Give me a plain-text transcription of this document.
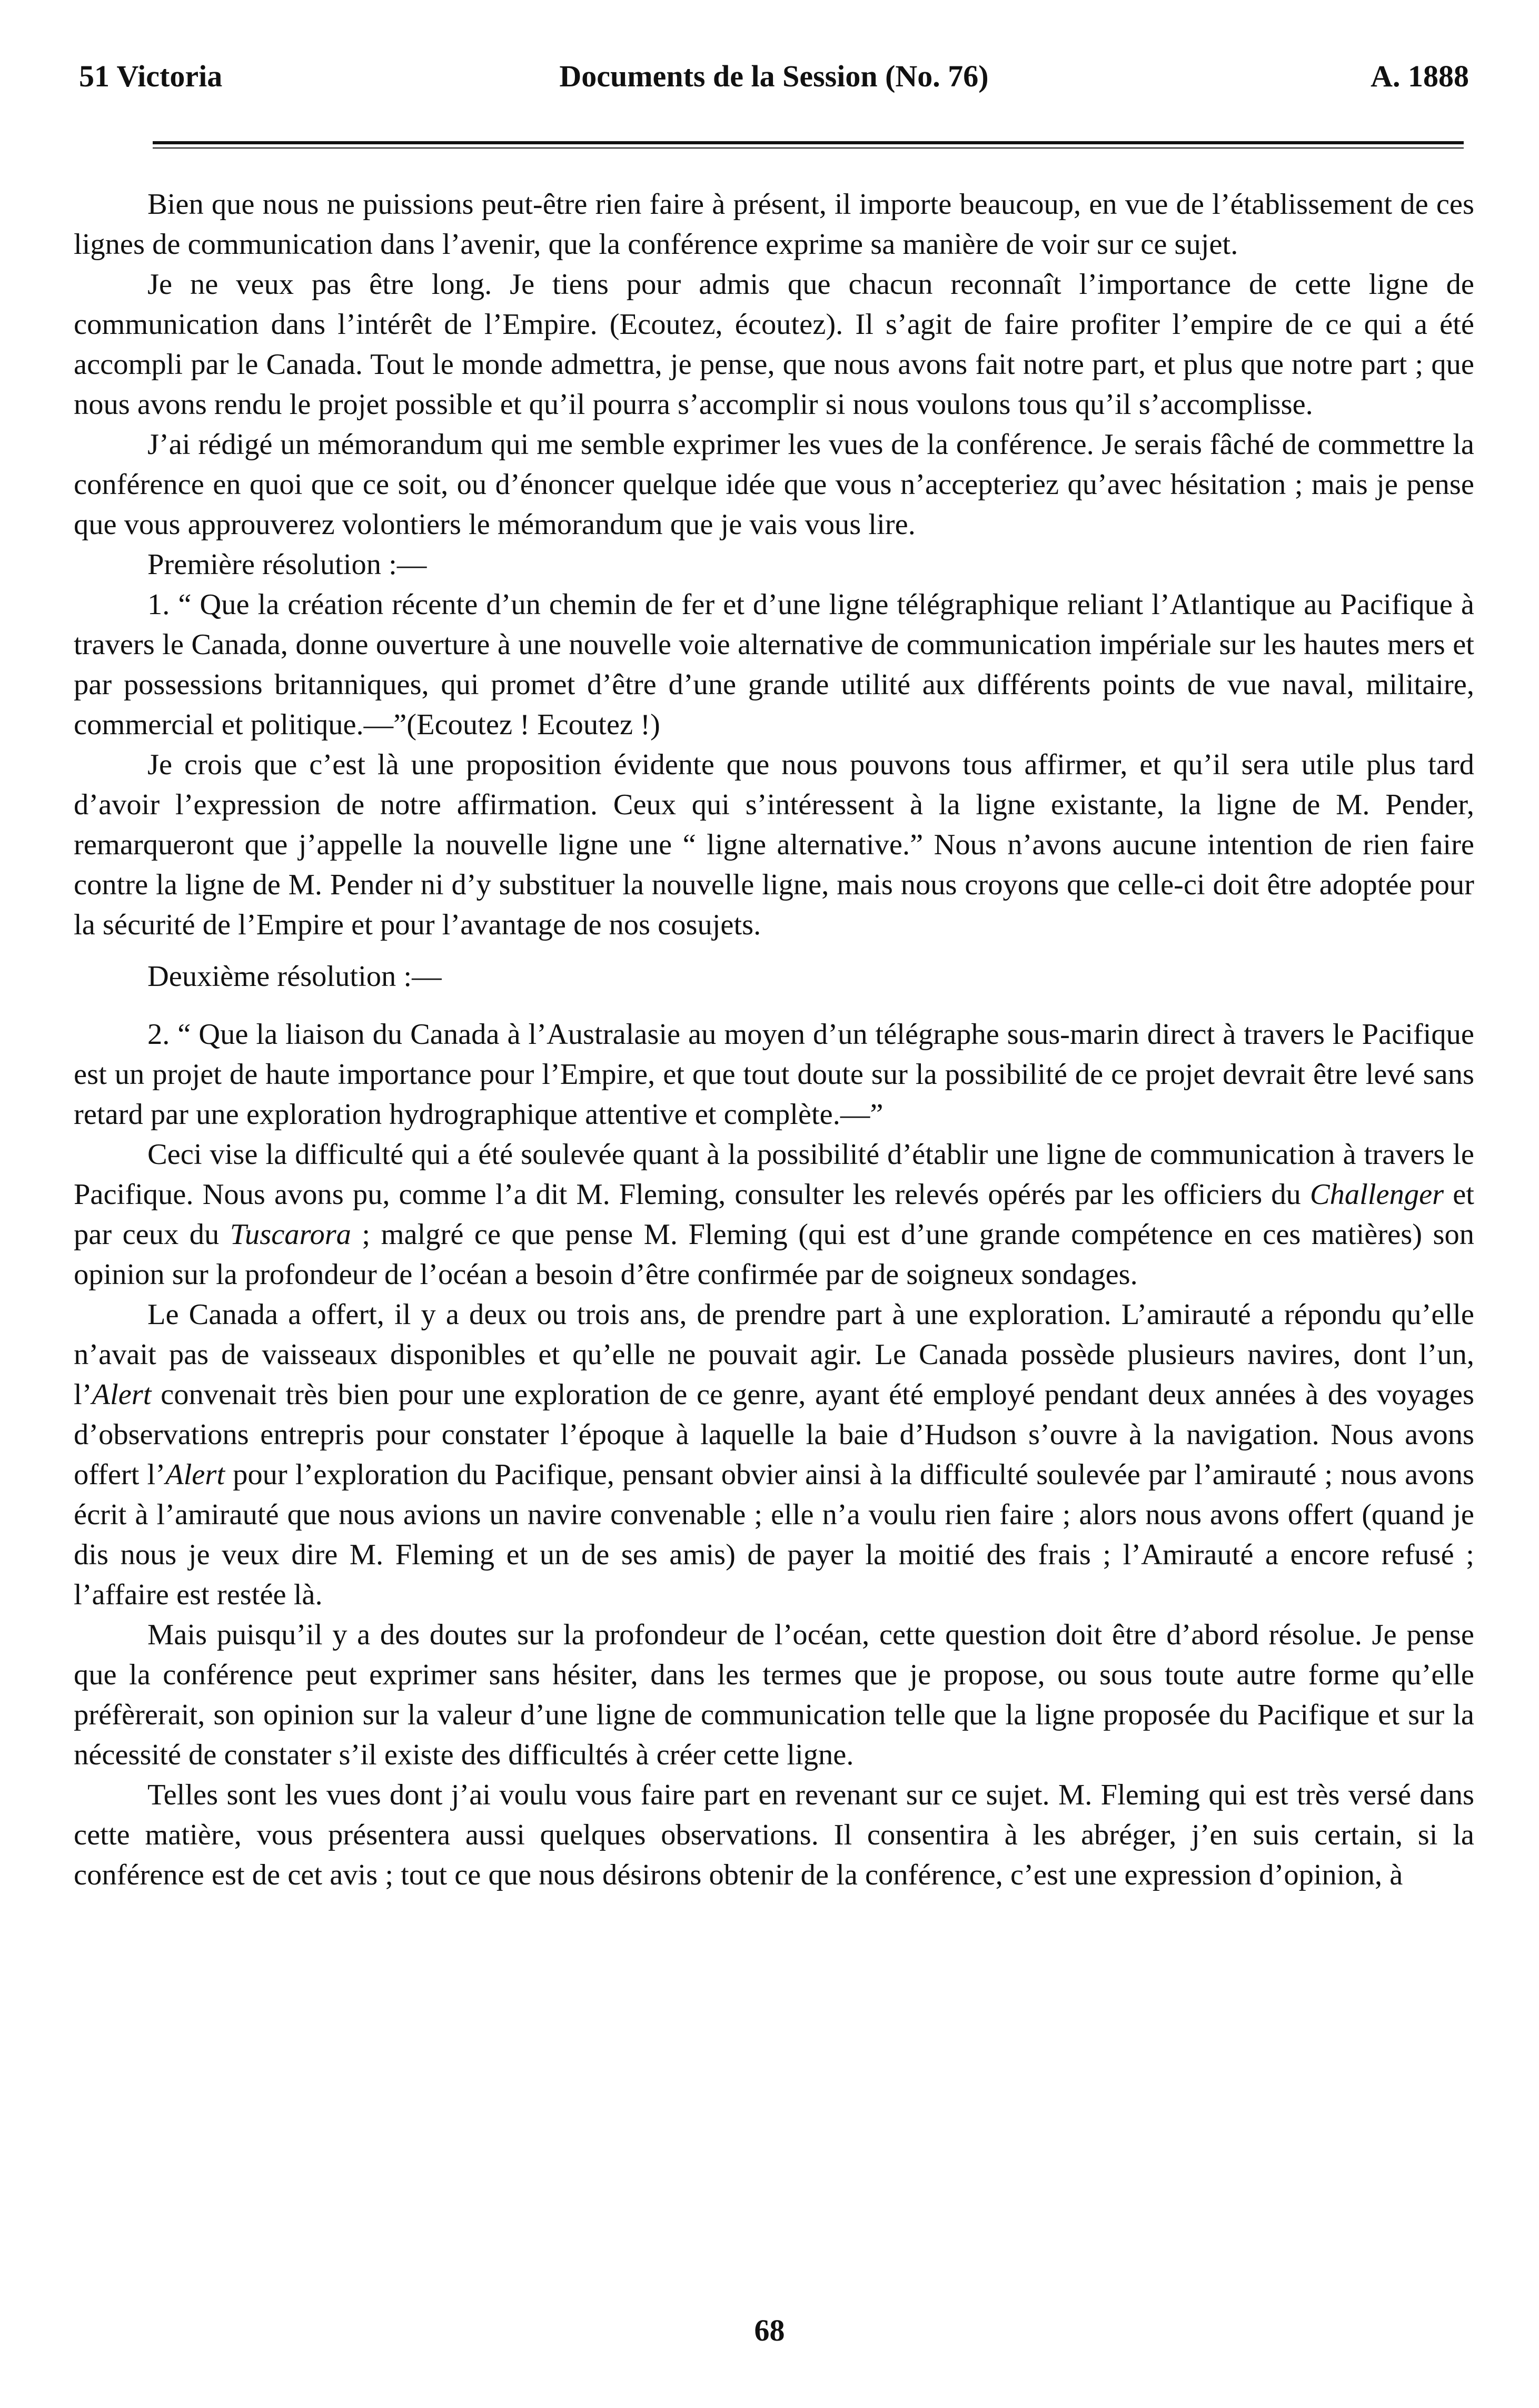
51 Victoria	Documents de la Session (No. 76)	A. 1888

Bien que nous ne puissions peut-être rien faire à présent, il importe beaucoup, en vue de l’établissement de ces lignes de communication dans l’avenir, que la conférence exprime sa manière de voir sur ce sujet.

Je ne veux pas être long. Je tiens pour admis que chacun reconnaît l’importance de cette ligne de communication dans l’intérêt de l’Empire. (Ecoutez, écoutez). Il s’agit de faire profiter l’empire de ce qui a été accompli par le Canada. Tout le monde admettra, je pense, que nous avons fait notre part, et plus que notre part ; que nous avons rendu le projet possible et qu’il pourra s’accomplir si nous voulons tous qu’il s’accomplisse.

J’ai rédigé un mémorandum qui me semble exprimer les vues de la conférence. Je serais fâché de commettre la conférence en quoi que ce soit, ou d’énoncer quelque idée que vous n’accepteriez qu’avec hésitation ; mais je pense que vous approuverez volontiers le mémorandum que je vais vous lire.

Première résolution :—

1. “ Que la création récente d’un chemin de fer et d’une ligne télégraphique reliant l’Atlantique au Pacifique à travers le Canada, donne ouverture à une nouvelle voie alternative de communication impériale sur les hautes mers et par possessions britanniques, qui promet d’être d’une grande utilité aux différents points de vue naval, militaire, commercial et politique.—”(Ecoutez ! Ecoutez !)

Je crois que c’est là une proposition évidente que nous pouvons tous affirmer, et qu’il sera utile plus tard d’avoir l’expression de notre affirmation. Ceux qui s’intéressent à la ligne existante, la ligne de M. Pender, remarqueront que j’appelle la nouvelle ligne une “ ligne alternative.” Nous n’avons aucune intention de rien faire contre la ligne de M. Pender ni d’y substituer la nouvelle ligne, mais nous croyons que celle-ci doit être adoptée pour la sécurité de l’Empire et pour l’avantage de nos cosujets.

Deuxième résolution :—

2. “ Que la liaison du Canada à l’Australasie au moyen d’un télégraphe sous-marin direct à travers le Pacifique est un projet de haute importance pour l’Empire, et que tout doute sur la possibilité de ce projet devrait être levé sans retard par une exploration hydrographique attentive et complète.—”

Ceci vise la difficulté qui a été soulevée quant à la possibilité d’établir une ligne de communication à travers le Pacifique. Nous avons pu, comme l’a dit M. Fleming, consulter les relevés opérés par les officiers du Challenger et par ceux du Tuscarora ; malgré ce que pense M. Fleming (qui est d’une grande compétence en ces matières) son opinion sur la profondeur de l’océan a besoin d’être confirmée par de soigneux sondages.

Le Canada a offert, il y a deux ou trois ans, de prendre part à une exploration. L’amirauté a répondu qu’elle n’avait pas de vaisseaux disponibles et qu’elle ne pouvait agir. Le Canada possède plusieurs navires, dont l’un, l’Alert convenait très bien pour une exploration de ce genre, ayant été employé pendant deux années à des voyages d’observations entrepris pour constater l’époque à laquelle la baie d’Hudson s’ouvre à la navigation. Nous avons offert l’Alert pour l’exploration du Pacifique, pensant obvier ainsi à la difficulté soulevée par l’amirauté ; nous avons écrit à l’amirauté que nous avions un navire convenable ; elle n’a voulu rien faire ; alors nous avons offert (quand je dis nous je veux dire M. Fleming et un de ses amis) de payer la moitié des frais ; l’Amirauté a encore refusé ; l’affaire est restée là.

Mais puisqu’il y a des doutes sur la profondeur de l’océan, cette question doit être d’abord résolue. Je pense que la conférence peut exprimer sans hésiter, dans les termes que je propose, ou sous toute autre forme qu’elle préfèrerait, son opinion sur la valeur d’une ligne de communication telle que la ligne proposée du Pacifique et sur la nécessité de constater s’il existe des difficultés à créer cette ligne.

Telles sont les vues dont j’ai voulu vous faire part en revenant sur ce sujet. M. Fleming qui est très versé dans cette matière, vous présentera aussi quelques observations. Il consentira à les abréger, j’en suis certain, si la conférence est de cet avis ; tout ce que nous désirons obtenir de la conférence, c’est une expression d’opinion, à

68
